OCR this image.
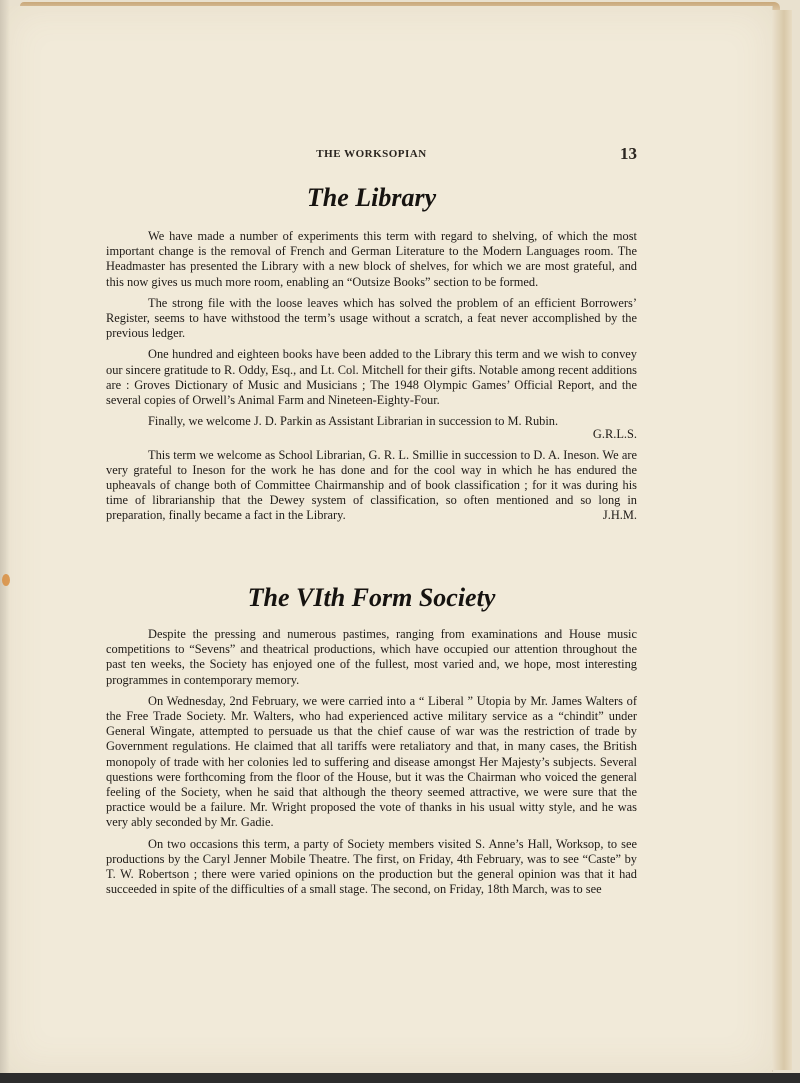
THE WORKSOPIAN	13
The Library

We have made a number of experiments this term with regard to shelving, of which the most important change is the removal of French and German Literature to the Modern Languages room. The Headmaster has presented the Library with a new block of shelves, for which we are most grateful, and this now gives us much more room, enabling an “Outsize Books” section to be formed.

The strong file with the loose leaves which has solved the problem of an efficient Borrowers’ Register, seems to have withstood the term’s usage without a scratch, a feat never accomplished by the previous ledger.

One hundred and eighteen books have been added to the Library this term and we wish to convey our sincere gratitude to R. Oddy, Esq., and Lt. Col. Mitchell for their gifts. Notable among recent additions are : Groves Dictionary of Music and Musicians ; The 1948 Olympic Games’ Official Report, and the several copies of Orwell’s Animal Farm and Nineteen-Eighty-Four.

Finally, we welcome J. D. Parkin as Assistant Librarian in succession to M. Rubin.

G.R.L.S.

This term we welcome as School Librarian, G. R. L. Smillie in succession to D. A. Ineson. We are very grateful to Ineson for the work he has done and for the cool way in which he has endured the upheavals of change both of Committee Chairmanship and of book classification ; for it was during his time of librarianship that the Dewey system of classification, so often mentioned and so long in preparation, finally became a fact in the Library.	J.H.M.

The VIth Form Society

Despite the pressing and numerous pastimes, ranging from examinations and House music competitions to “Sevens” and theatrical productions, which have occupied our attention throughout the past ten weeks, the Society has enjoyed one of the fullest, most varied and, we hope, most interesting programmes in contemporary memory.

On Wednesday, 2nd February, we were carried into a “ Liberal ” Utopia by Mr. James Walters of the Free Trade Society. Mr. Walters, who had experienced active military service as a “chindit” under General Wingate, attempted to persuade us that the chief cause of war was the restriction of trade by Government regulations. He claimed that all tariffs were retaliatory and that, in many cases, the British monopoly of trade with her colonies led to suffering and disease amongst Her Majesty’s subjects. Several questions were forthcoming from the floor of the House, but it was the Chairman who voiced the general feeling of the Society, when he said that although the theory seemed attractive, we were sure that the practice would be a failure. Mr. Wright proposed the vote of thanks in his usual witty style, and he was very ably seconded by Mr. Gadie.

On two occasions this term, a party of Society members visited S. Anne’s Hall, Worksop, to see productions by the Caryl Jenner Mobile Theatre. The first, on Friday, 4th February, was to see “Caste” by T. W. Robertson ; there were varied opinions on the production but the general opinion was that it had succeeded in spite of the difficulties of a small stage. The second, on Friday, 18th March, was to see
